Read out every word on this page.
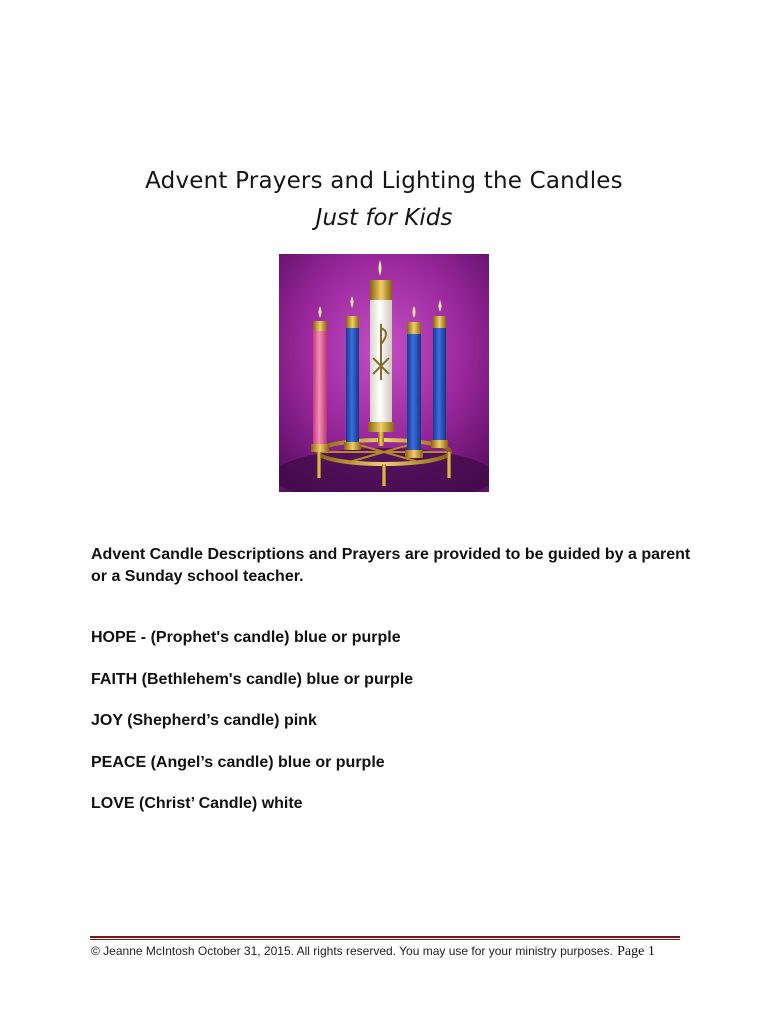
Advent Prayers and Lighting the Candles
Just for Kids

Advent Candle Descriptions and Prayers are provided to be guided by a parent or a Sunday school teacher.

HOPE - (Prophet's candle) blue or purple
FAITH (Bethlehem's candle) blue or purple
JOY (Shepherd’s candle) pink
PEACE (Angel’s candle) blue or purple
LOVE (Christ’ Candle) white
© Jeanne McIntosh October 31, 2015. All rights reserved. You may use for your ministry purposes. Page 1
